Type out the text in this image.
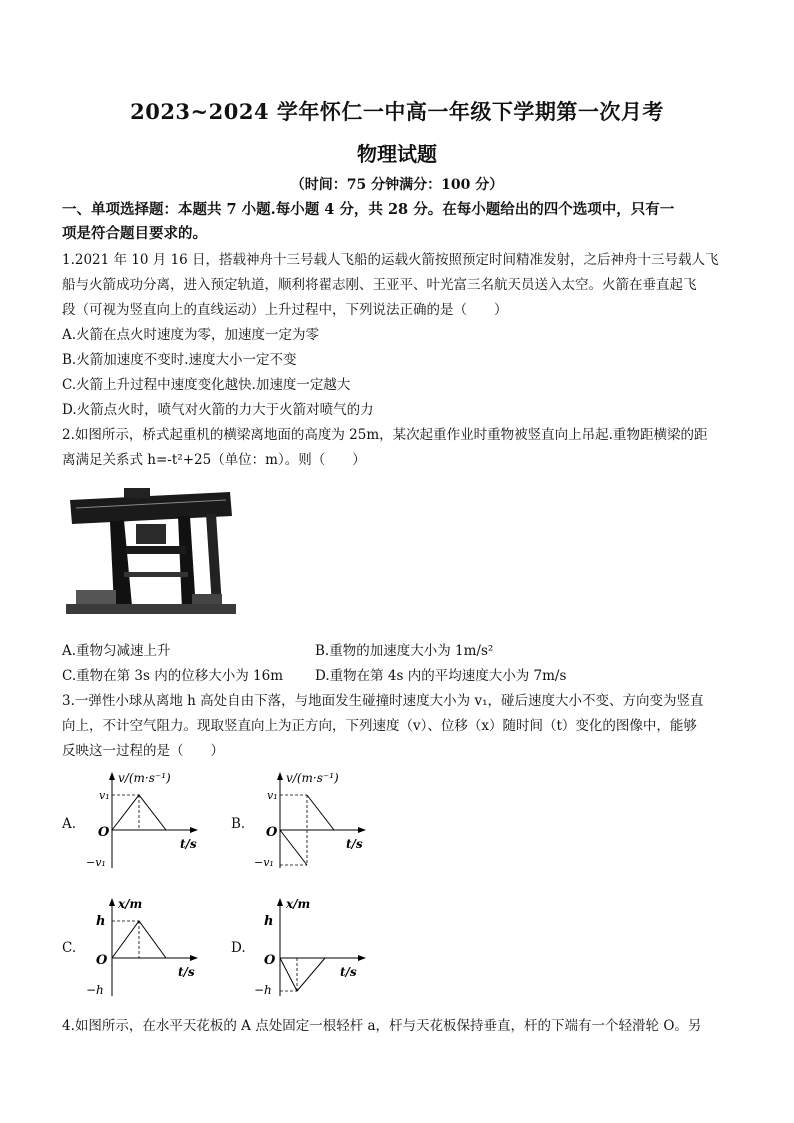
2023~2024 学年怀仁一中高一年级下学期第一次月考
物理试题
（时间：75 分钟满分：100 分）
一、单项选择题：本题共 7 小题.每小题 4 分，共 28 分。在每小题给出的四个选项中，只有一
项是符合题目要求的。
1.2021 年 10 月 16 日，搭载神舟十三号载人飞船的运载火箭按照预定时间精准发射，之后神舟十三号载人飞
船与火箭成功分离，进入预定轨道，顺利将翟志刚、王亚平、叶光富三名航天员送入太空。火箭在垂直起飞
段（可视为竖直向上的直线运动）上升过程中，下列说法正确的是（　　）
A.火箭在点火时速度为零，加速度一定为零
B.火箭加速度不变时.速度大小一定不变
C.火箭上升过程中速度变化越快.加速度一定越大
D.火箭点火时，喷气对火箭的力大于火箭对喷气的力
2.如图所示，桥式起重机的横梁离地面的高度为 25m，某次起重作业时重物被竖直向上吊起.重物距横梁的距
离满足关系式 h=-t²+25（单位：m）。则（　　）
A.重物匀减速上升	B.重物的加速度大小为 1m/s²
C.重物在第 3s 内的位移大小为 16m D.重物在第 4s 内的平均速度大小为 7m/s
3.一弹性小球从离地 h 高处自由下落，与地面发生碰撞时速度大小为 v₁，碰后速度大小不变、方向变为竖直
向上，不计空气阻力。现取竖直向上为正方向，下列速度（v）、位移（x）随时间（t）变化的图像中，能够
反映这一过程的是（　　）
A.
v/(m·s⁻¹)
v₁
O
−v₁
t/s
B.
v/(m·s⁻¹)
v₁
O
−v₁
t/s
C.
x/m
h
O
−h
t/s
D.
x/m
h
O
−h
t/s
4.如图所示，在水平天花板的 A 点处固定一根轻杆 a，杆与天花板保持垂直，杆的下端有一个轻滑轮 O。另
